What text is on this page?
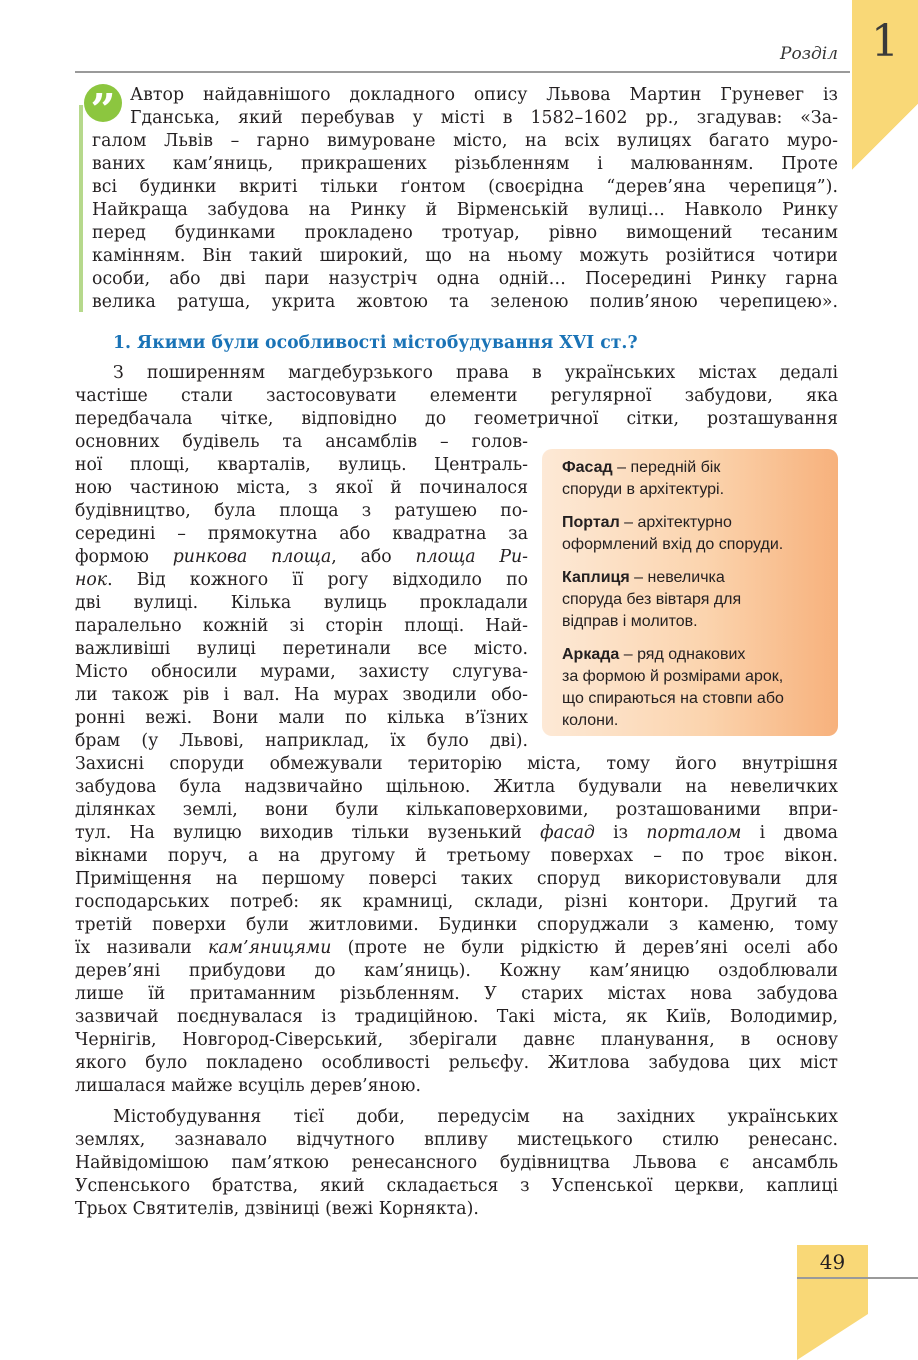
Розділ 1
” Автор найдавнішого докладного опису Львова Мартин Груневег із
Гданська, який перебував у місті в 1582–1602 рр., згадував: «За-
галом Львів – гарно вимуроване місто, на всіх вулицях багато муро-
ваних кам’яниць, прикрашених різьбленням і малюванням. Проте
всі будинки вкриті тільки ґонтом (своєрідна “дерев’яна черепиця”).
Найкраща забудова на Ринку й Вірменській вулиці… Навколо Ринку
перед будинками прокладено тротуар, рівно вимощений тесаним
камінням. Він такий широкий, що на ньому можуть розійтися чотири
особи, або дві пари назустріч одна одній… Посередині Ринку гарна
велика ратуша, укрита жовтою та зеленою полив’яною черепицею».
1. Якими були особливості містобудування XVI ст.?
З поширенням магдебурзького права в українських містах дедалі
частіше стали застосовувати елементи регулярної забудови, яка
передбачала чітке, відповідно до геометричної сітки, розташування
основних будівель та ансамблів – голов-
ної площі, кварталів, вулиць. Централь-
ною частиною міста, з якої й починалося
будівництво, була площа з ратушею по-
середині – прямокутна або квадратна за
формою ринкова площа, або площа Ри-
нок. Від кожного її рогу відходило по
дві вулиці. Кілька вулиць прокладали
паралельно кожній зі сторін площі. Най-
важливіші вулиці перетинали все місто.
Місто обносили мурами, захисту слугува-
ли також рів і вал. На мурах зводили обо-
ронні вежі. Вони мали по кілька в’їзних
брам (у Львові, наприклад, їх було дві).
Захисні споруди обмежували територію міста, тому його внутрішня
забудова була надзвичайно щільною. Житла будували на невеличких
ділянках землі, вони були кількаповерховими, розташованими впри-
тул. На вулицю виходив тільки вузенький фасад із порталом і двома
вікнами поруч, а на другому й третьому поверхах – по троє вікон.
Приміщення на першому поверсі таких споруд використовували для
господарських потреб: як крамниці, склади, різні контори. Другий та
третій поверхи були житловими. Будинки споруджали з каменю, тому
їх називали кам’яницями (проте не були рідкістю й дерев’яні оселі або
дерев’яні прибудови до кам’яниць). Кожну кам’яницю оздоблювали
лише їй притаманним різьбленням. У старих містах нова забудова
зазвичай поєднувалася із традиційною. Такі міста, як Київ, Володимир,
Чернігів, Новгород-Сіверський, зберігали давнє планування, в основу
якого було покладено особливості рельєфу. Житлова забудова цих міст
лишалася майже всуціль дерев’яною.
Містобудування тієї доби, передусім на західних українських
землях, зазнавало відчутного впливу мистецького стилю ренесанс.
Найвідомішою пам’яткою ренесансного будівництва Львова є ансамбль
Успенського братства, який складається з Успенської церкви, каплиці
Трьох Святителів, дзвіниці (вежі Корнякта).
Фасад – передній бік
споруди в архітектурі.
Портал – архітектурно
оформлений вхід до споруди.
Каплиця – невеличка
споруда без вівтаря для
відправ і молитов.
Аркада – ряд однакових
за формою й розмірами арок,
що спираються на стовпи або
колони.
49
